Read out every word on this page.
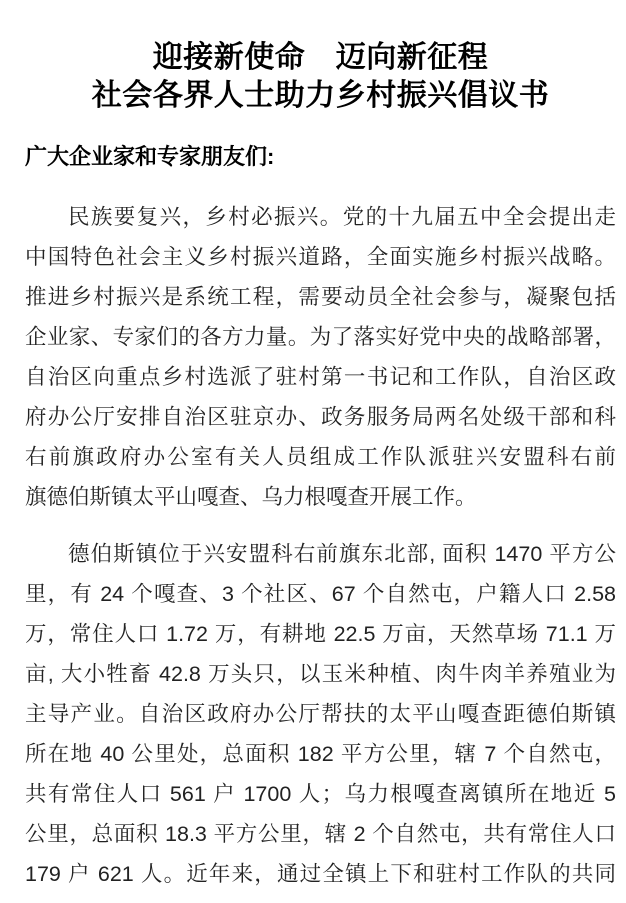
迎接新使命　迈向新征程
社会各界人士助力乡村振兴倡议书

广大企业家和专家朋友们:

民族要复兴，乡村必振兴。党的十九届五中全会提出走
中国特色社会主义乡村振兴道路，全面实施乡村振兴战略。
推进乡村振兴是系统工程，需要动员全社会参与，凝聚包括
企业家、专家们的各方力量。为了落实好党中央的战略部署，
自治区向重点乡村选派了驻村第一书记和工作队，自治区政
府办公厅安排自治区驻京办、政务服务局两名处级干部和科
右前旗政府办公室有关人员组成工作队派驻兴安盟科右前
旗德伯斯镇太平山嘎查、乌力根嘎查开展工作。
德伯斯镇位于兴安盟科右前旗东北部, 面积 1470 平方公
里，有 24 个嘎查、3 个社区、67 个自然屯，户籍人口 2.58
万，常住人口 1.72 万，有耕地 22.5 万亩，天然草场 71.1 万
亩, 大小牲畜 42.8 万头只，以玉米种植、肉牛肉羊养殖业为
主导产业。自治区政府办公厅帮扶的太平山嘎查距德伯斯镇
所在地 40 公里处，总面积 182 平方公里，辖 7 个自然屯，
共有常住人口 561 户 1700 人；乌力根嘎查离镇所在地近 5
公里，总面积 18.3 平方公里，辖 2 个自然屯，共有常住人口
179 户 621 人。近年来，通过全镇上下和驻村工作队的共同
